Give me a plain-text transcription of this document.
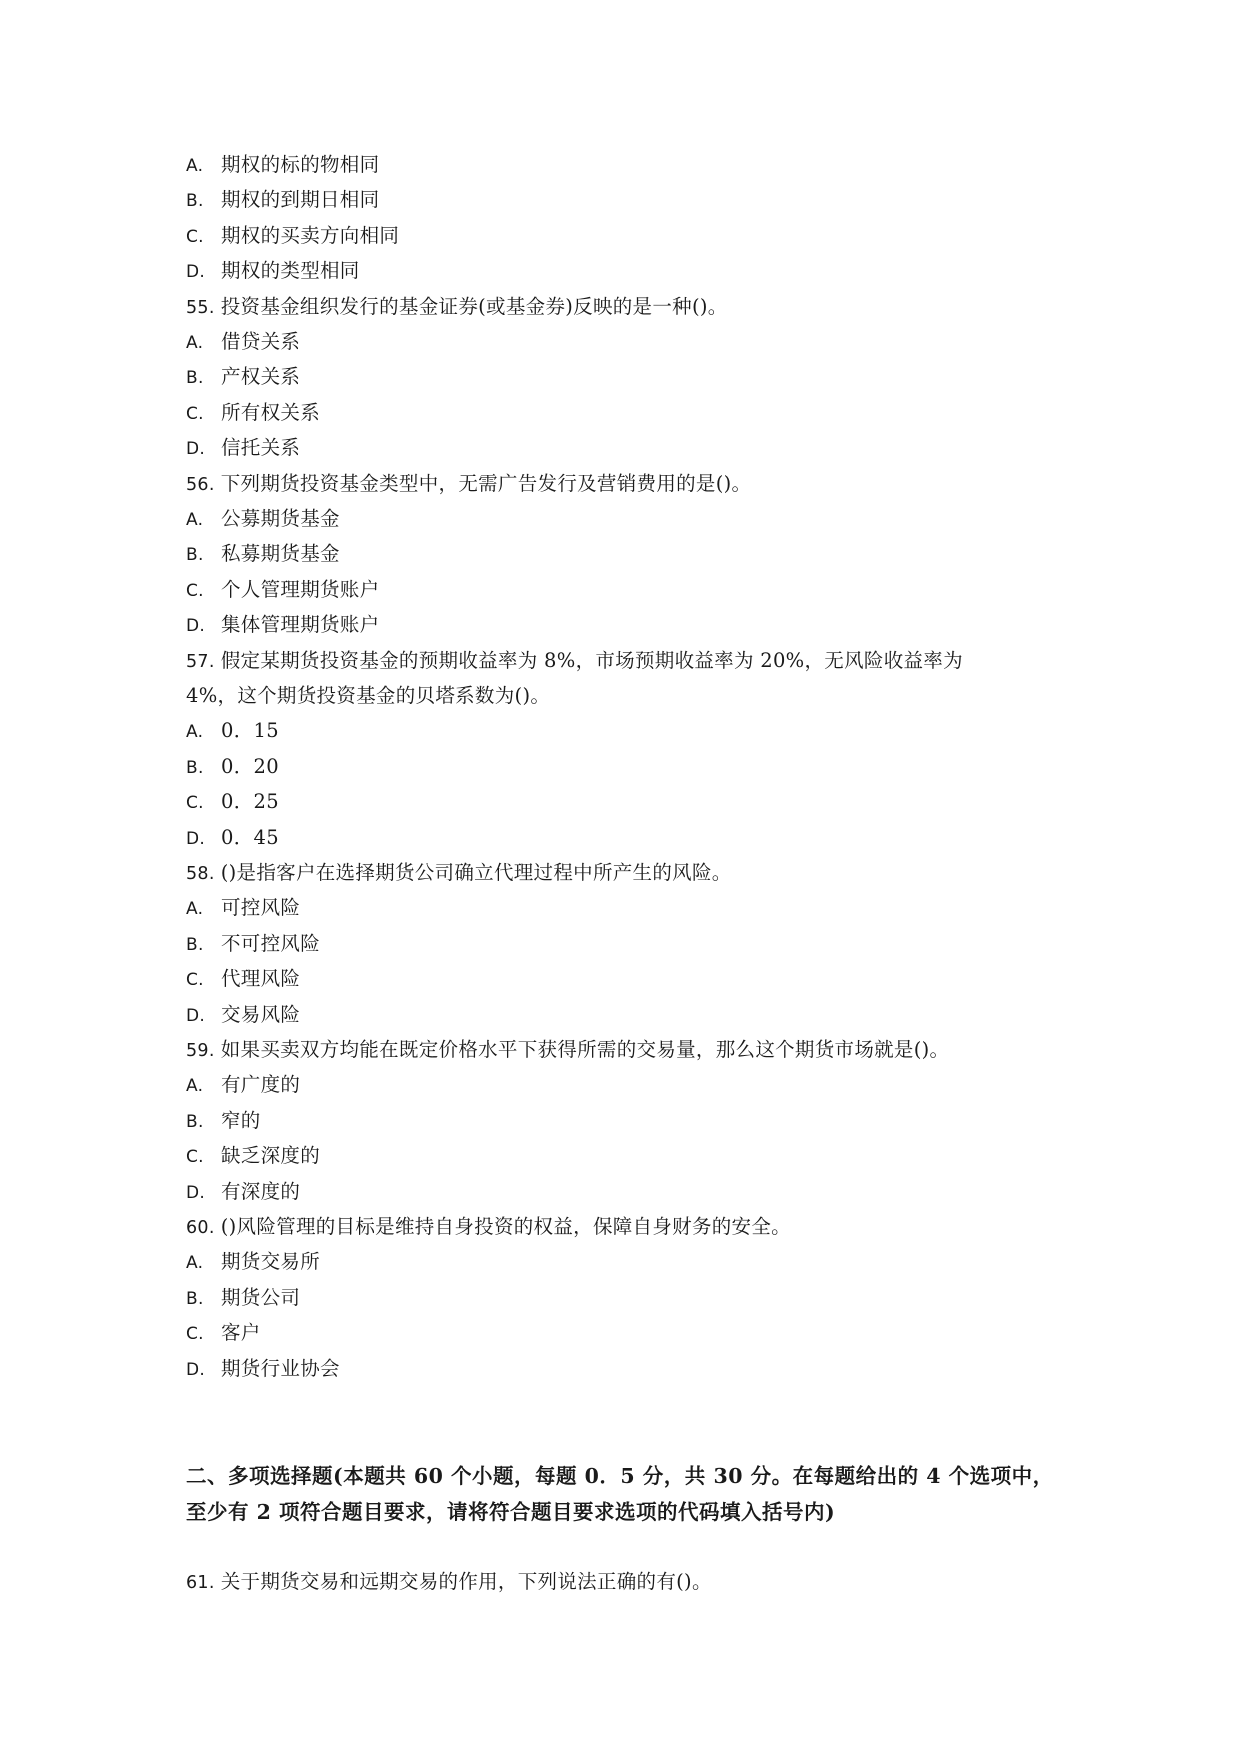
A. 期权的标的物相同
B. 期权的到期日相同
C. 期权的买卖方向相同
D. 期权的类型相同
55. 投资基金组织发行的基金证券(或基金券)反映的是一种()。
A. 借贷关系
B. 产权关系
C. 所有权关系
D. 信托关系
56. 下列期货投资基金类型中，无需广告发行及营销费用的是()。
A. 公募期货基金
B. 私募期货基金
C. 个人管理期货账户
D. 集体管理期货账户
57. 假定某期货投资基金的预期收益率为 8%，市场预期收益率为 20%，无风险收益率为
4%，这个期货投资基金的贝塔系数为()。
A. 0．15
B. 0．20
C. 0．25
D. 0．45
58. ()是指客户在选择期货公司确立代理过程中所产生的风险。
A. 可控风险
B. 不可控风险
C. 代理风险
D. 交易风险
59. 如果买卖双方均能在既定价格水平下获得所需的交易量，那么这个期货市场就是()。
A. 有广度的
B. 窄的
C. 缺乏深度的
D. 有深度的
60. ()风险管理的目标是维持自身投资的权益，保障自身财务的安全。
A. 期货交易所
B. 期货公司
C. 客户
D. 期货行业协会
二、多项选择题(本题共 60 个小题，每题 0．5 分，共 30 分。在每题给出的 4 个选项中，至少有 2 项符合题目要求，请将符合题目要求选项的代码填入括号内)
61. 关于期货交易和远期交易的作用，下列说法正确的有()。
